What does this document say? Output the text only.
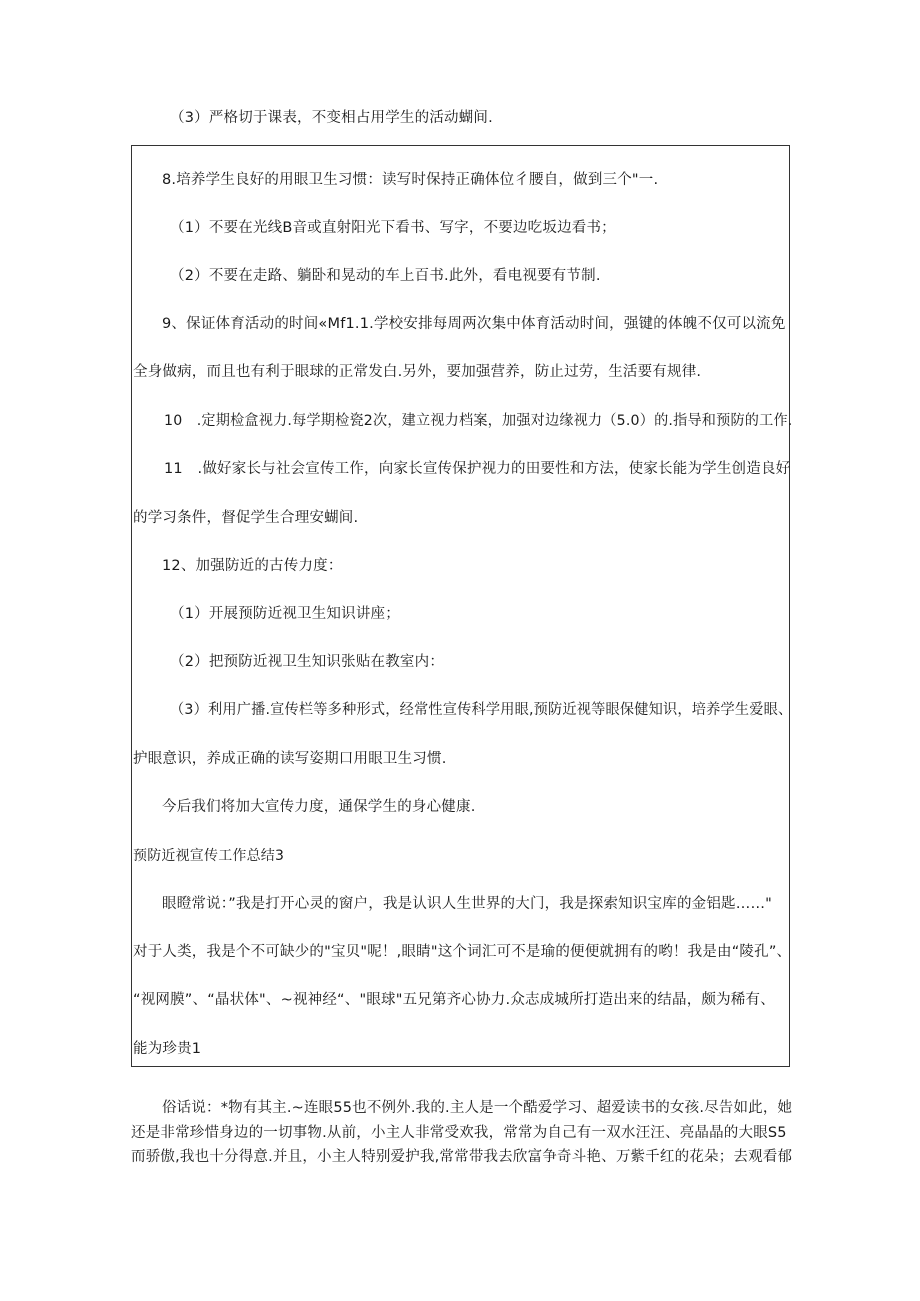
（3）严格切于课表，不变相占用学生的活动蝴间.
8.培养学生良好的用眼卫生习惯：读写时保持正确体位彳腰自，做到三个"一.
（1）不要在光线B音或直射阳光下看书、写字，不要边吃坂边看书；
（2）不要在走路、躺卧和晃动的车上百书.此外，看电视要有节制.
9、保证体育活动的时间«Mf1.1.学校安排每周两次集中体育活动时间，强键的体魄不仅可以流免
全身做病，而且也有利于眼球的正常发白.另外，要加强营养，防止过劳，生活要有规律.
10　.定期检盒视力.每学期检瓷2次，建立视力档案，加强对边缘视力（5.0）的.指导和预防的工作.
11　.做好家长与社会宣传工作，向家长宣传保护视力的田要性和方法，使家长能为学生创造良好
的学习条件，督促学生合理安蝴间.
12、加强防近的古传力度：
（1）开展预防近视卫生知识讲座；
（2）把预防近视卫生知识张贴在教室内：
（3）利用广播.宣传栏等多种形式，经常性宣传科学用眼,预防近视等眼保健知识，培养学生爱眼、
护眼意识，养成正确的读写姿期口用眼卫生习惯.
今后我们将加大宣传力度，通保学生的身心健康.
预防近视宣传工作总结3
眼瞪常说：”我是打开心灵的窗户，我是认识人生世界的大门，我是探索知识宝库的金铝匙……"
对于人类，我是个不可缺少的"宝贝"呢！,眼睛"这个词汇可不是瑜的便便就拥有的哟！我是由“陵孔”、
“视网膜”、“晶状体"、~视神经“、"眼球"五兄第齐心协力.众志成城所打造出来的结晶，颇为稀有、
能为珍贵1
俗话说：*物有其主.~连眼55也不例外.我的.主人是一个酷爱学习、超爱读书的女孩.尽告如此，她
还是非常珍惜身边的一切事物.从前，小主人非常受欢我，常常为自己有一双水汪汪、亮晶晶的大眼S5
而骄傲,我也十分得意.并且，小主人特别爱护我,常常带我去欣富争奇斗艳、万紫千红的花朵；去观看郁
